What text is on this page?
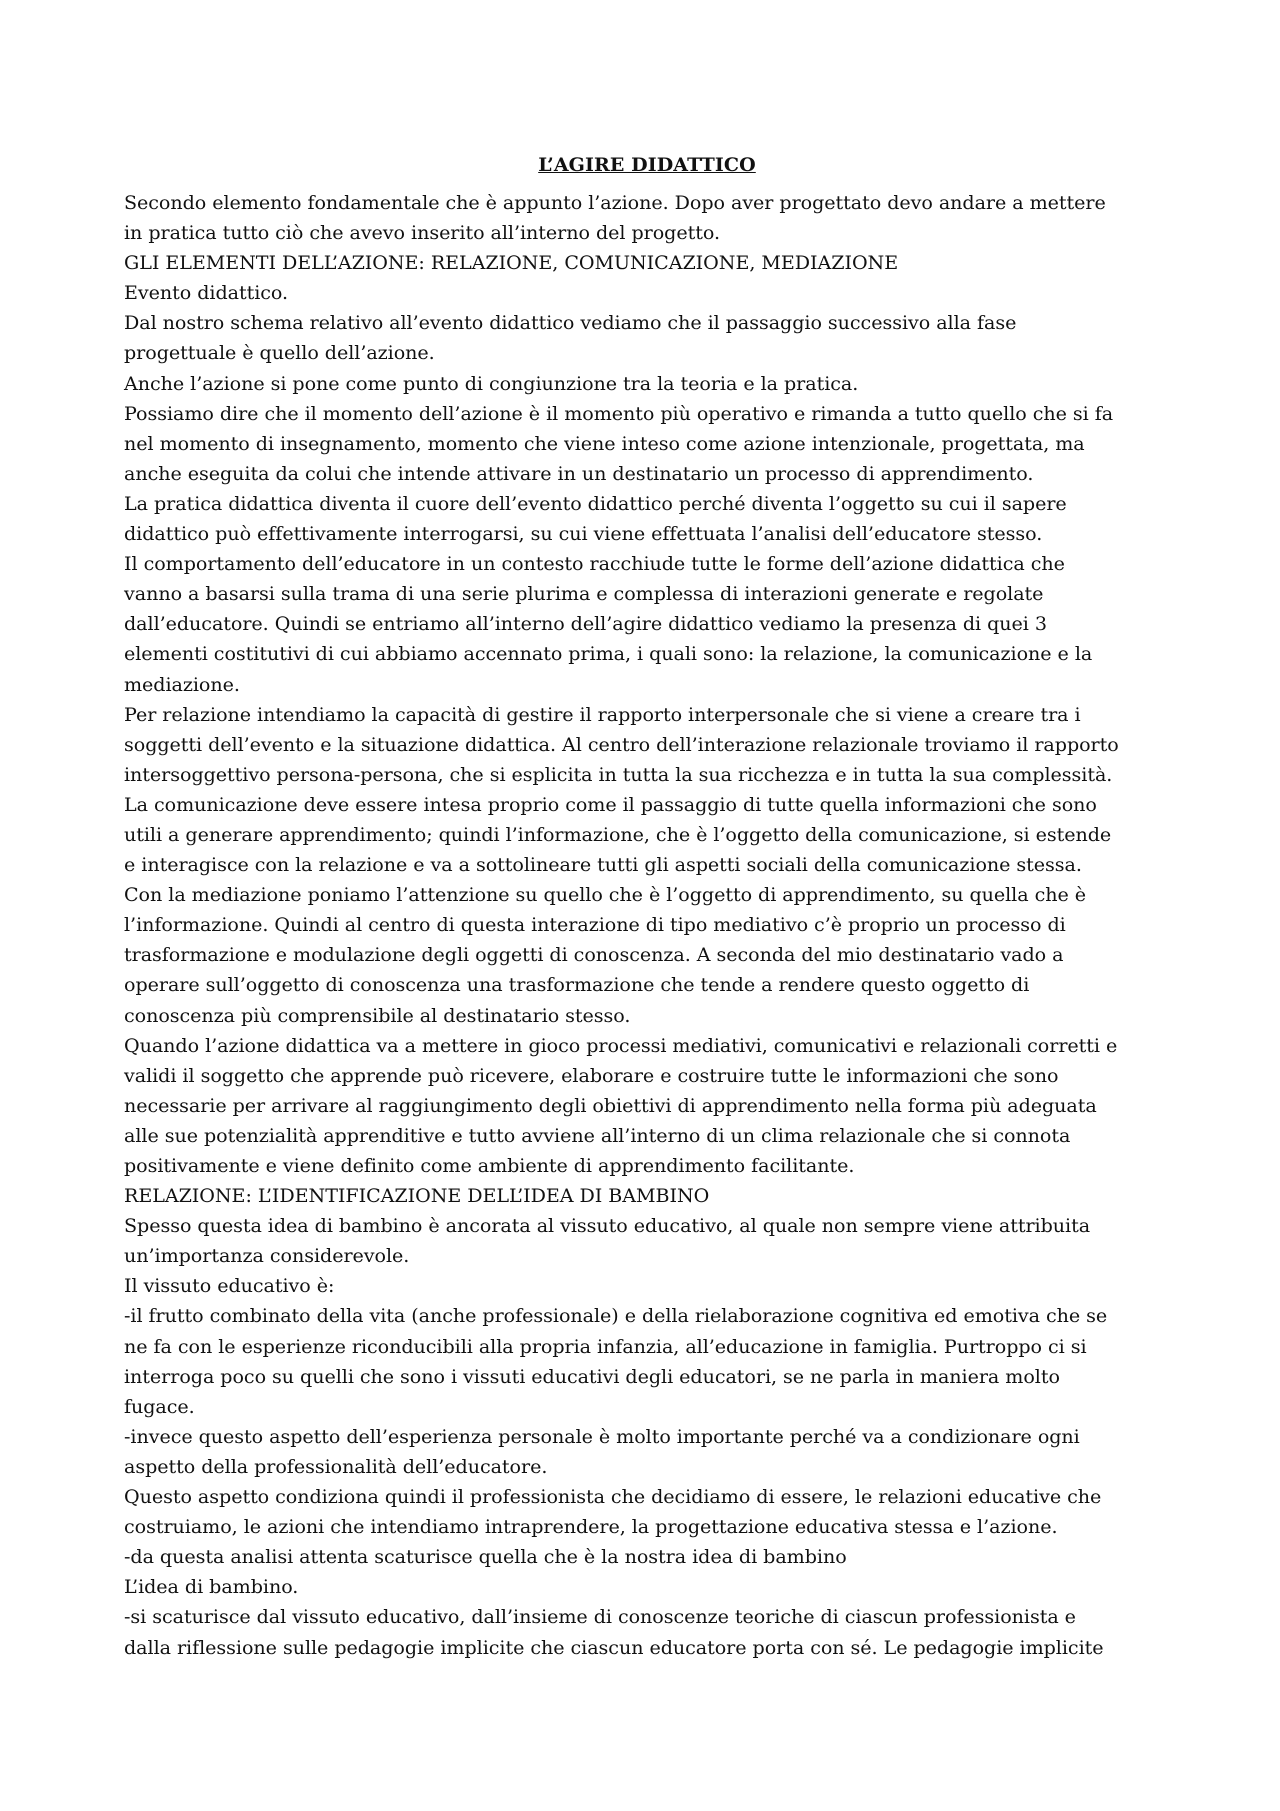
L’AGIRE DIDATTICO
Secondo elemento fondamentale che è appunto l’azione. Dopo aver progettato devo andare a mettere
in pratica tutto ciò che avevo inserito all’interno del progetto.
GLI ELEMENTI DELL’AZIONE: RELAZIONE, COMUNICAZIONE, MEDIAZIONE
Evento didattico.
Dal nostro schema relativo all’evento didattico vediamo che il passaggio successivo alla fase
progettuale è quello dell’azione.
Anche l’azione si pone come punto di congiunzione tra la teoria e la pratica.
Possiamo dire che il momento dell’azione è il momento più operativo e rimanda a tutto quello che si fa
nel momento di insegnamento, momento che viene inteso come azione intenzionale, progettata, ma
anche eseguita da colui che intende attivare in un destinatario un processo di apprendimento.
La pratica didattica diventa il cuore dell’evento didattico perché diventa l’oggetto su cui il sapere
didattico può effettivamente interrogarsi, su cui viene effettuata l’analisi dell’educatore stesso.
Il comportamento dell’educatore in un contesto racchiude tutte le forme dell’azione didattica che
vanno a basarsi sulla trama di una serie plurima e complessa di interazioni generate e regolate
dall’educatore. Quindi se entriamo all’interno dell’agire didattico vediamo la presenza di quei 3
elementi costitutivi di cui abbiamo accennato prima, i quali sono: la relazione, la comunicazione e la
mediazione.
Per relazione intendiamo la capacità di gestire il rapporto interpersonale che si viene a creare tra i
soggetti dell’evento e la situazione didattica. Al centro dell’interazione relazionale troviamo il rapporto
intersoggettivo persona-persona, che si esplicita in tutta la sua ricchezza e in tutta la sua complessità.
La comunicazione deve essere intesa proprio come il passaggio di tutte quella informazioni che sono
utili a generare apprendimento; quindi l’informazione, che è l’oggetto della comunicazione, si estende
e interagisce con la relazione e va a sottolineare tutti gli aspetti sociali della comunicazione stessa.
Con la mediazione poniamo l’attenzione su quello che è l’oggetto di apprendimento, su quella che è
l’informazione. Quindi al centro di questa interazione di tipo mediativo c’è proprio un processo di
trasformazione e modulazione degli oggetti di conoscenza. A seconda del mio destinatario vado a
operare sull’oggetto di conoscenza una trasformazione che tende a rendere questo oggetto di
conoscenza più comprensibile al destinatario stesso.
Quando l’azione didattica va a mettere in gioco processi mediativi, comunicativi e relazionali corretti e
validi il soggetto che apprende può ricevere, elaborare e costruire tutte le informazioni che sono
necessarie per arrivare al raggiungimento degli obiettivi di apprendimento nella forma più adeguata
alle sue potenzialità apprenditive e tutto avviene all’interno di un clima relazionale che si connota
positivamente e viene definito come ambiente di apprendimento facilitante.
RELAZIONE: L’IDENTIFICAZIONE DELL’IDEA DI BAMBINO
Spesso questa idea di bambino è ancorata al vissuto educativo, al quale non sempre viene attribuita
un’importanza considerevole.
Il vissuto educativo è:
-il frutto combinato della vita (anche professionale) e della rielaborazione cognitiva ed emotiva che se
ne fa con le esperienze riconducibili alla propria infanzia, all’educazione in famiglia. Purtroppo ci si
interroga poco su quelli che sono i vissuti educativi degli educatori, se ne parla in maniera molto
fugace.
-invece questo aspetto dell’esperienza personale è molto importante perché va a condizionare ogni
aspetto della professionalità dell’educatore.
Questo aspetto condiziona quindi il professionista che decidiamo di essere, le relazioni educative che
costruiamo, le azioni che intendiamo intraprendere, la progettazione educativa stessa e l’azione.
-da questa analisi attenta scaturisce quella che è la nostra idea di bambino
L’idea di bambino.
-si scaturisce dal vissuto educativo, dall’insieme di conoscenze teoriche di ciascun professionista e
dalla riflessione sulle pedagogie implicite che ciascun educatore porta con sé. Le pedagogie implicite
